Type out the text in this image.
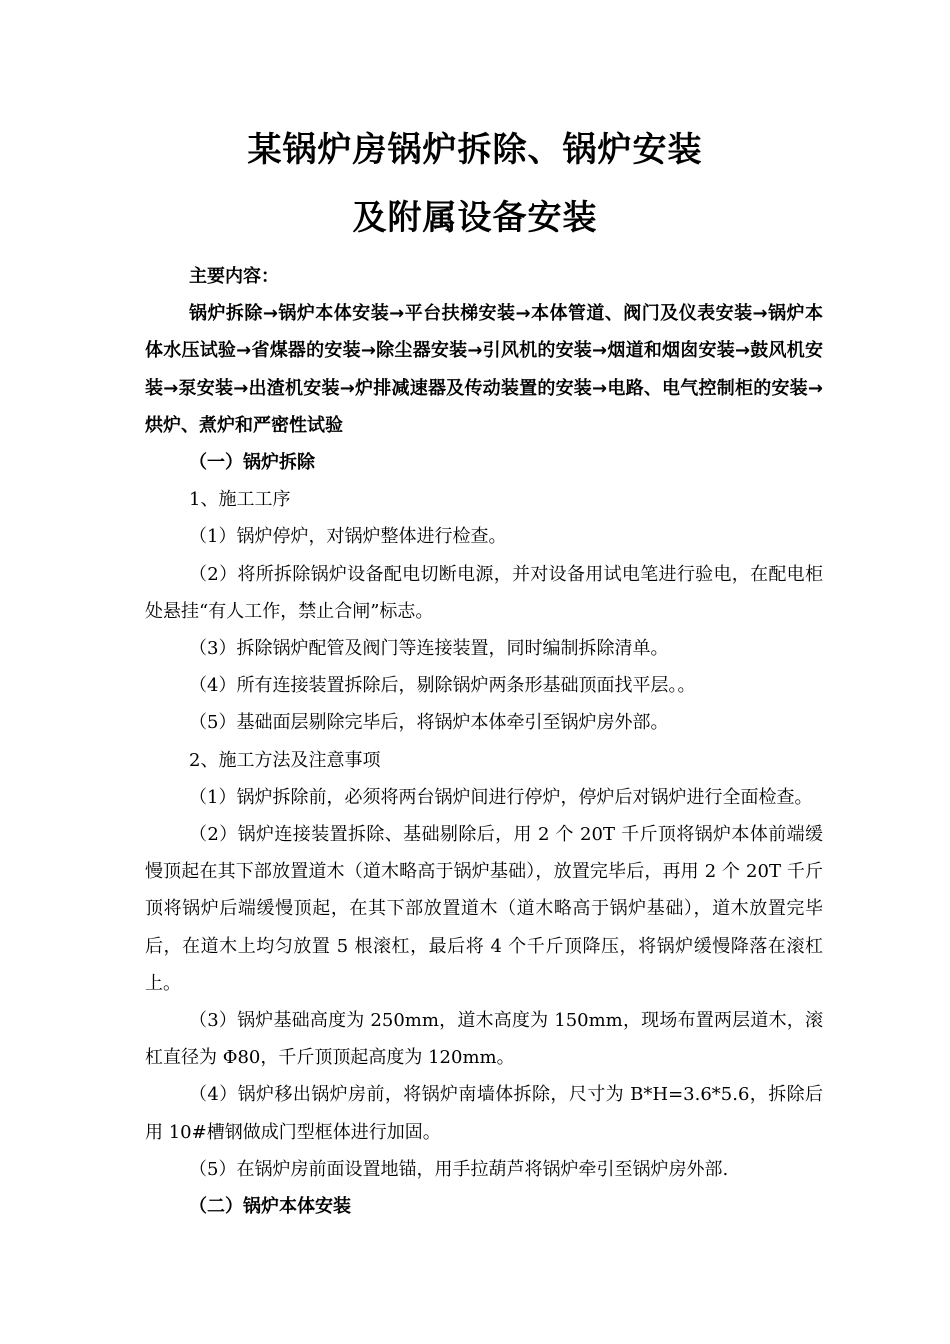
某锅炉房锅炉拆除、锅炉安装
及附属设备安装

主要内容：

锅炉拆除→锅炉本体安装→平台扶梯安装→本体管道、阀门及仪表安装→锅炉本体水压试验→省煤器的安装→除尘器安装→引风机的安装→烟道和烟囱安装→鼓风机安装→泵安装→出渣机安装→炉排减速器及传动装置的安装→电路、电气控制柜的安装→烘炉、煮炉和严密性试验

（一）锅炉拆除

1、施工工序

（1）锅炉停炉，对锅炉整体进行检查。

（2）将所拆除锅炉设备配电切断电源，并对设备用试电笔进行验电，在配电柜处悬挂“有人工作，禁止合闸”标志。

（3）拆除锅炉配管及阀门等连接装置，同时编制拆除清单。

（4）所有连接装置拆除后，剔除锅炉两条形基础顶面找平层。。

（5）基础面层剔除完毕后，将锅炉本体牵引至锅炉房外部。

2、施工方法及注意事项

（1）锅炉拆除前，必须将两台锅炉间进行停炉，停炉后对锅炉进行全面检查。

（2）锅炉连接装置拆除、基础剔除后，用 2 个 20T 千斤顶将锅炉本体前端缓慢顶起在其下部放置道木（道木略高于锅炉基础），放置完毕后，再用 2 个 20T 千斤顶将锅炉后端缓慢顶起，在其下部放置道木（道木略高于锅炉基础），道木放置完毕后，在道木上均匀放置 5 根滚杠，最后将 4 个千斤顶降压，将锅炉缓慢降落在滚杠上。

（3）锅炉基础高度为 250mm，道木高度为 150mm，现场布置两层道木，滚杠直径为 Φ80，千斤顶顶起高度为 120mm。

（4）锅炉移出锅炉房前，将锅炉南墙体拆除，尺寸为 B*H=3.6*5.6，拆除后用 10#槽钢做成门型框体进行加固。

（5）在锅炉房前面设置地锚，用手拉葫芦将锅炉牵引至锅炉房外部.

（二）锅炉本体安装
